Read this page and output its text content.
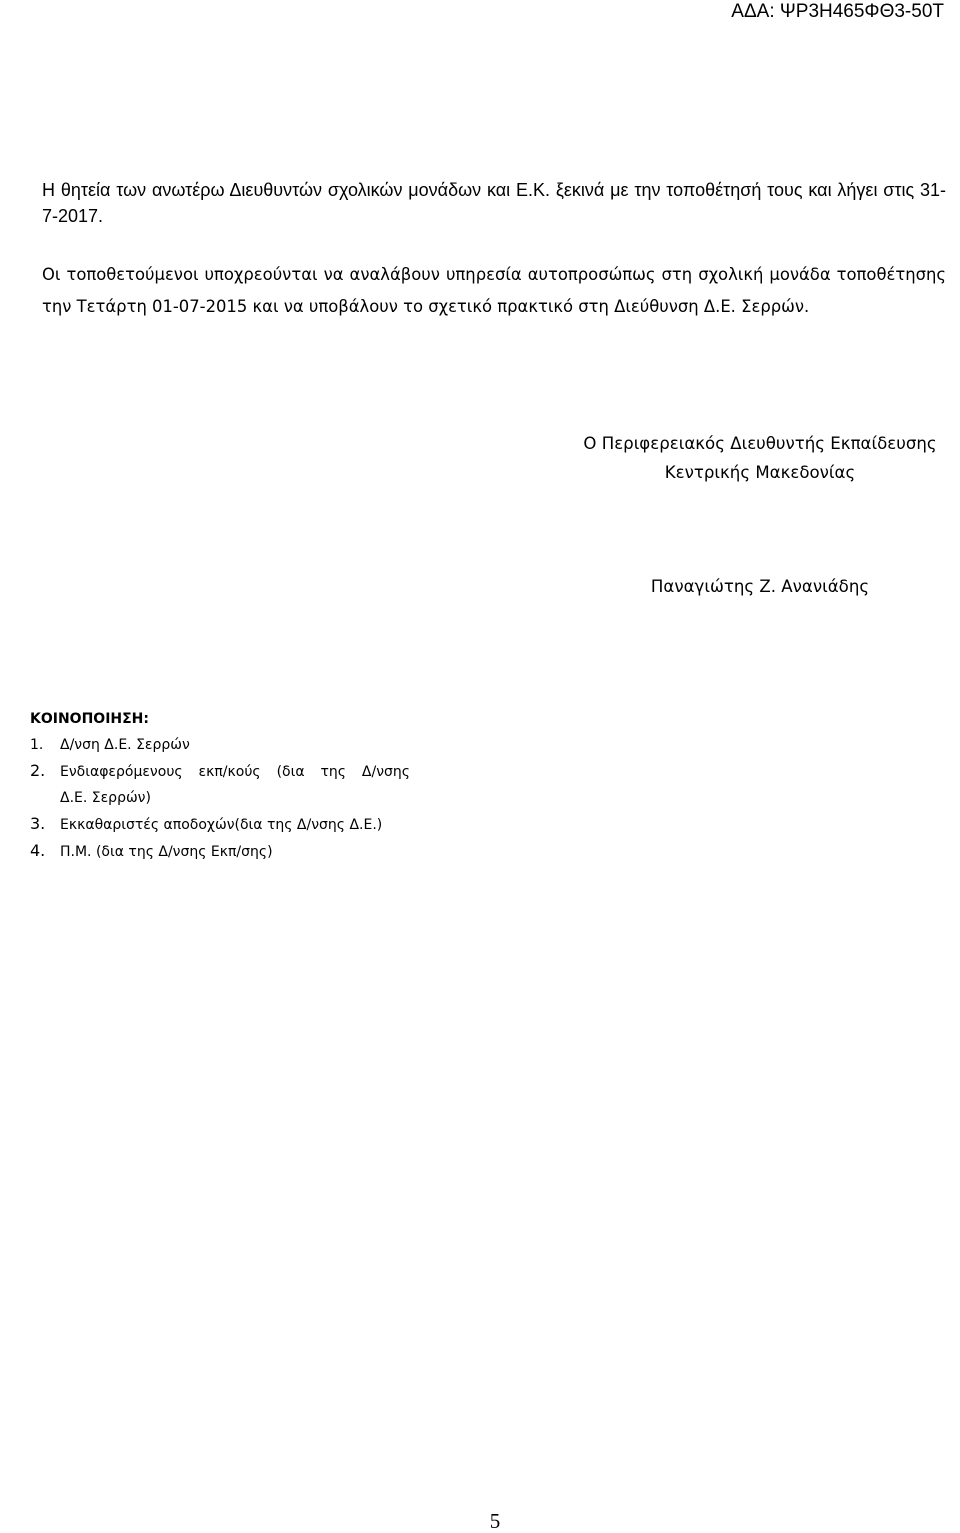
ΑΔΑ: ΨΡ3Η465ΦΘ3-50Τ

Η θητεία των ανωτέρω Διευθυντών σχολικών μονάδων και Ε.Κ. ξεκινά με την τοποθέτησή τους και λήγει στις 31-7-2017.

Οι τοποθετούμενοι υποχρεούνται να αναλάβουν υπηρεσία αυτοπροσώπως στη σχολική μονάδα τοποθέτησης την Τετάρτη 01-07-2015 και να υποβάλουν το σχετικό πρακτικό στη Διεύθυνση Δ.Ε. Σερρών.

Ο Περιφερειακός Διευθυντής Εκπαίδευσης
Κεντρικής Μακεδονίας
Παναγιώτης Ζ. Ανανιάδης
ΚΟΙΝΟΠΟΙΗΣΗ:
1.	Δ/νση Δ.Ε. Σερρών
2.	Ενδιαφερόμενους εκπ/κούς (δια της Δ/νσης
Δ.Ε. Σερρών)
3.	Εκκαθαριστές αποδοχών(δια της Δ/νσης Δ.Ε.)
4.	Π.Μ. (δια της Δ/νσης Εκπ/σης)
5
